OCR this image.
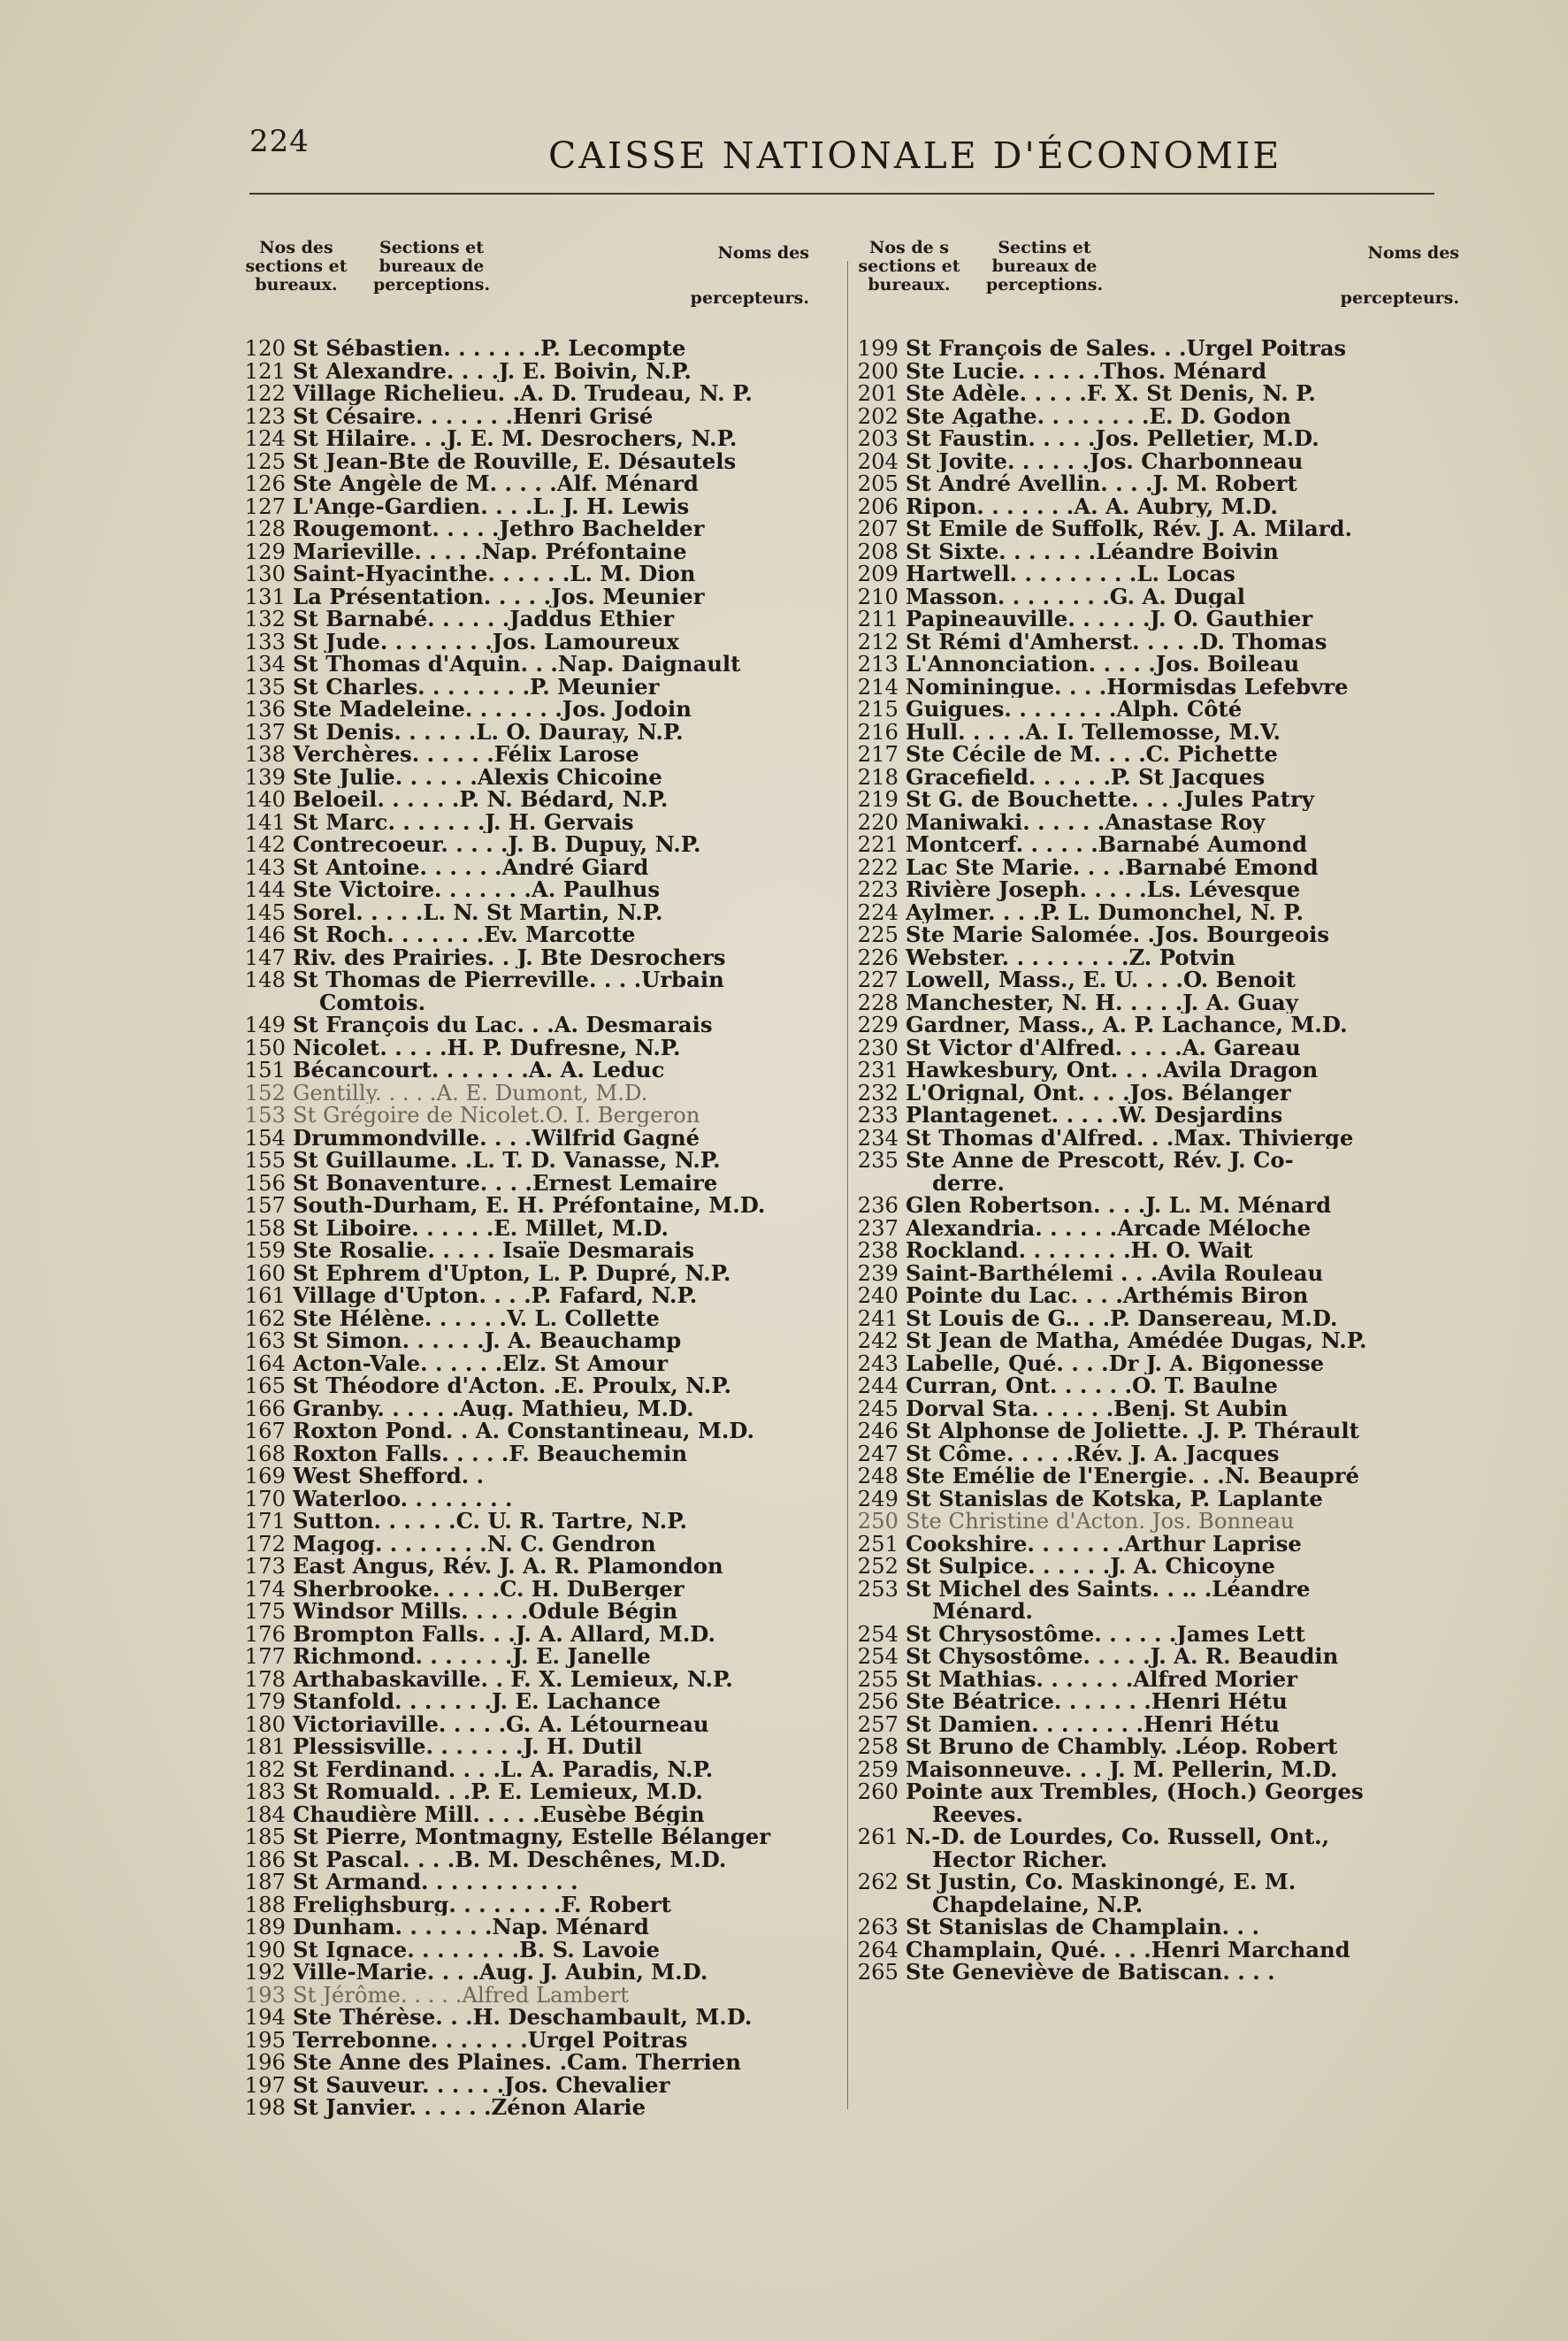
224	CAISSE NATIONALE D'ÉCONOMIE
Nos des sections et bureaux.
Sections et bureaux de perceptions.
Noms des
percepteurs.
120 St Sébastien. . . . . . .P. Lecompte
121 St Alexandre. . . .J. E. Boivin, N.P.
122 Village Richelieu. .A. D. Trudeau, N. P.
123 St Césaire. . . . . . .Henri Grisé
124 St Hilaire. . .J. E. M. Desrochers, N.P.
125 St Jean-Bte de Rouville, E. Désautels
126 Ste Angèle de M. . . . .Alf. Ménard
127 L'Ange-Gardien. . . .L. J. H. Lewis
128 Rougemont. . . . .Jethro Bachelder
129 Marieville. . . . .Nap. Préfontaine
130 Saint-Hyacinthe. . . . . .L. M. Dion
131 La Présentation. . . . .Jos. Meunier
132 St Barnabé. . . . . .Jaddus Ethier
133 St Jude. . . . . . . .Jos. Lamoureux
134 St Thomas d'Aquin. . .Nap. Daignault
135 St Charles. . . . . . . .P. Meunier
136 Ste Madeleine. . . . . . .Jos. Jodoin
137 St Denis. . . . . .L. O. Dauray, N.P.
138 Verchères. . . . . .Félix Larose
139 Ste Julie. . . . . .Alexis Chicoine
140 Beloeil. . . . . .P. N. Bédard, N.P.
141 St Marc. . . . . . .J. H. Gervais
142 Contrecoeur. . . . .J. B. Dupuy, N.P.
143 St Antoine. . . . . .André Giard
144 Ste Victoire. . . . . . .A. Paulhus
145 Sorel. . . . .L. N. St Martin, N.P.
146 St Roch. . . . . . .Ev. Marcotte
147 Riv. des Prairies. . J. Bte Desrochers
148 St Thomas de Pierreville. . . .Urbain
Comtois.
149 St François du Lac. . .A. Desmarais
150 Nicolet. . . . .H. P. Dufresne, N.P.
151 Bécancourt. . . . . . .A. A. Leduc
152 Gentilly. . . . .A. E. Dumont, M.D.
153 St Grégoire de Nicolet.O. I. Bergeron
154 Drummondville. . . .Wilfrid Gagné
155 St Guillaume. .L. T. D. Vanasse, N.P.
156 St Bonaventure. . . .Ernest Lemaire
157 South-Durham, E. H. Préfontaine, M.D.
158 St Liboire. . . . . .E. Millet, M.D.
159 Ste Rosalie. . . . . Isaïe Desmarais
160 St Ephrem d'Upton, L. P. Dupré, N.P.
161 Village d'Upton. . . .P. Fafard, N.P.
162 Ste Hélène. . . . . .V. L. Collette
163 St Simon. . . . . .J. A. Beauchamp
164 Acton-Vale. . . . . .Elz. St Amour
165 St Théodore d'Acton. .E. Proulx, N.P.
166 Granby. . . . . .Aug. Mathieu, M.D.
167 Roxton Pond. . A. Constantineau, M.D.
168 Roxton Falls. . . . .F. Beauchemin
169 West Shefford. .
170 Waterloo. . . . . . . .
171 Sutton. . . . . .C. U. R. Tartre, N.P.
172 Magog. . . . . . . .N. C. Gendron
173 East Angus, Rév. J. A. R. Plamondon
174 Sherbrooke. . . . .C. H. DuBerger
175 Windsor Mills. . . . .Odule Bégin
176 Brompton Falls. . .J. A. Allard, M.D.
177 Richmond. . . . . . .J. E. Janelle
178 Arthabaskaville. . F. X. Lemieux, N.P.
179 Stanfold. . . . . . .J. E. Lachance
180 Victoriaville. . . . .G. A. Létourneau
181 Plessisville. . . . . . .J. H. Dutil
182 St Ferdinand. . . .L. A. Paradis, N.P.
183 St Romuald. . .P. E. Lemieux, M.D.
184 Chaudière Mill. . . . .Eusèbe Bégin
185 St Pierre, Montmagny, Estelle Bélanger
186 St Pascal. . . .B. M. Deschênes, M.D.
187 St Armand. . . . . . . . . . .
188 Frelighsburg. . . . . . . .F. Robert
189 Dunham. . . . . . .Nap. Ménard
190 St Ignace. . . . . . . .B. S. Lavoie
192 Ville-Marie. . . .Aug. J. Aubin, M.D.
193 St Jérôme. . . . .Alfred Lambert
194 Ste Thérèse. . .H. Deschambault, M.D.
195 Terrebonne. . . . . . .Urgel Poitras
196 Ste Anne des Plaines. .Cam. Therrien
197 St Sauveur. . . . . .Jos. Chevalier
198 St Janvier. . . . . .Zénon Alarie
Nos de s sections et bureaux.
Sectins et bureaux de perceptions.
Noms des
percepteurs.
199 St François de Sales. . .Urgel Poitras
200 Ste Lucie. . . . . .Thos. Ménard
201 Ste Adèle. . . . .F. X. St Denis, N. P.
202 Ste Agathe. . . . . . . .E. D. Godon
203 St Faustin. . . . .Jos. Pelletier, M.D.
204 St Jovite. . . . . .Jos. Charbonneau
205 St André Avellin. . . .J. M. Robert
206 Ripon. . . . . . .A. A. Aubry, M.D.
207 St Emile de Suffolk, Rév. J. A. Milard.
208 St Sixte. . . . . . .Léandre Boivin
209 Hartwell. . . . . . . . .L. Locas
210 Masson. . . . . . . .G. A. Dugal
211 Papineauville. . . . . .J. O. Gauthier
212 St Rémi d'Amherst. . . . .D. Thomas
213 L'Annonciation. . . . .Jos. Boileau
214 Nominingue. . . .Hormisdas Lefebvre
215 Guigues. . . . . . . .Alph. Côté
216 Hull. . . . .A. I. Tellemosse, M.V.
217 Ste Cécile de M. . . .C. Pichette
218 Gracefield. . . . . .P. St Jacques
219 St G. de Bouchette. . . .Jules Patry
220 Maniwaki. . . . . .Anastase Roy
221 Montcerf. . . . . .Barnabé Aumond
222 Lac Ste Marie. . . .Barnabé Emond
223 Rivière Joseph. . . . .Ls. Lévesque
224 Aylmer. . . .P. L. Dumonchel, N. P.
225 Ste Marie Salomée. .Jos. Bourgeois
226 Webster. . . . . . . . .Z. Potvin
227 Lowell, Mass., E. U. . . .O. Benoit
228 Manchester, N. H. . . . .J. A. Guay
229 Gardner, Mass., A. P. Lachance, M.D.
230 St Victor d'Alfred. . . . .A. Gareau
231 Hawkesbury, Ont. . . .Avila Dragon
232 L'Orignal, Ont. . . .Jos. Bélanger
233 Plantagenet. . . . .W. Desjardins
234 St Thomas d'Alfred. . .Max. Thivierge
235 Ste Anne de Prescott, Rév. J. Co-
derre.
236 Glen Robertson. . . .J. L. M. Ménard
237 Alexandria. . . . . .Arcade Méloche
238 Rockland. . . . . . . .H. O. Wait
239 Saint-Barthélemi . . .Avila Rouleau
240 Pointe du Lac. . . .Arthémis Biron
241 St Louis de G.. . .P. Dansereau, M.D.
242 St Jean de Matha, Amédée Dugas, N.P.
243 Labelle, Qué. . . .Dr J. A. Bigonesse
244 Curran, Ont. . . . . .O. T. Baulne
245 Dorval Sta. . . . . .Benj. St Aubin
246 St Alphonse de Joliette. .J. P. Thérault
247 St Côme. . . . .Rév. J. A. Jacques
248 Ste Emélie de l'Energie. . .N. Beaupré
249 St Stanislas de Kotska, P. Laplante
250 Ste Christine d'Acton. Jos. Bonneau
251 Cookshire. . . . . . .Arthur Laprise
252 St Sulpice. . . . . .J. A. Chicoyne
253 St Michel des Saints. . .. .Léandre
Ménard.
254 St Chrysostôme. . . . . .James Lett
254 St Chysostôme. . . . .J. A. R. Beaudin
255 St Mathias. . . . . . .Alfred Morier
256 Ste Béatrice. . . . . . .Henri Hétu
257 St Damien. . . . . . . .Henri Hétu
258 St Bruno de Chambly. .Léop. Robert
259 Maisonneuve. . . J. M. Pellerin, M.D.
260 Pointe aux Trembles, (Hoch.) Georges
Reeves.
261 N.-D. de Lourdes, Co. Russell, Ont.,
Hector Richer.
262 St Justin, Co. Maskinongé, E. M.
Chapdelaine, N.P.
263 St Stanislas de Champlain. . .
264 Champlain, Qué. . . .Henri Marchand
265 Ste Geneviève de Batiscan. . . .
